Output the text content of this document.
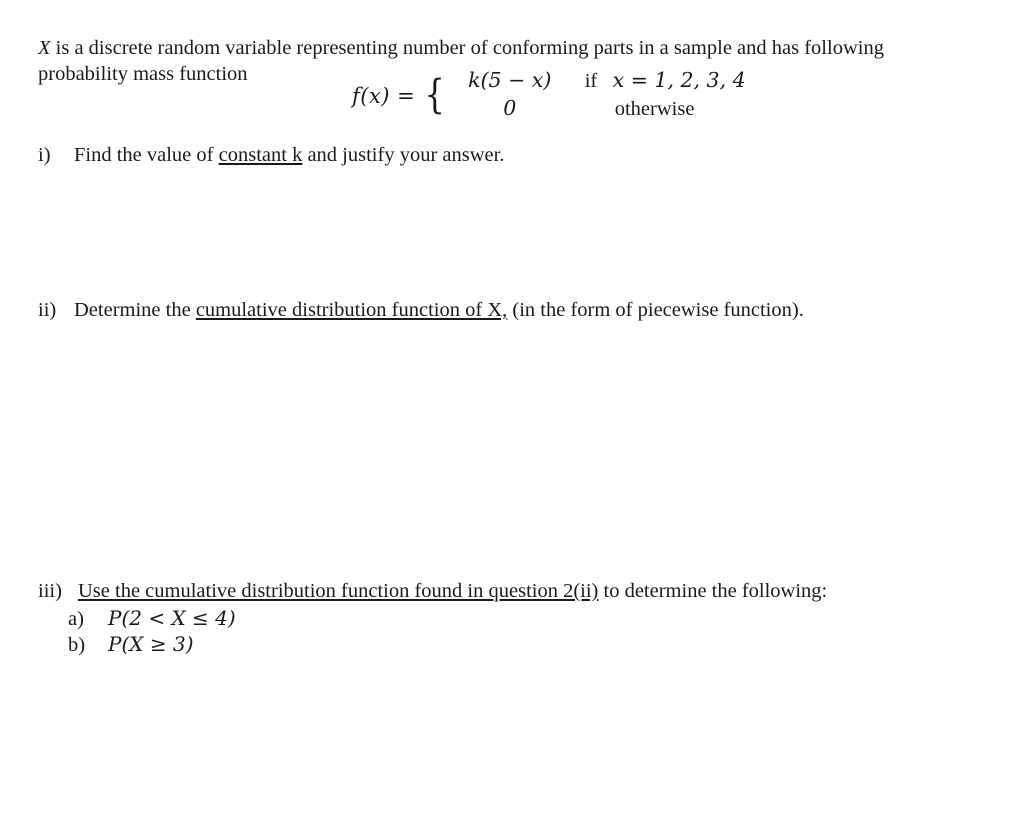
X is a discrete random variable representing number of conforming parts in a sample and has following probability mass function

f(x) = {	k(5 − x)	if x = 1, 2, 3, 4
0	otherwise
i)	Find the value of constant k and justify your answer.
ii) Determine the cumulative distribution function of X, (in the form of piecewise function).
iii) Use the cumulative distribution function found in question 2(ii) to determine the following:
a)	P(2 < X ≤ 4)
b)	P(X ≥ 3)
